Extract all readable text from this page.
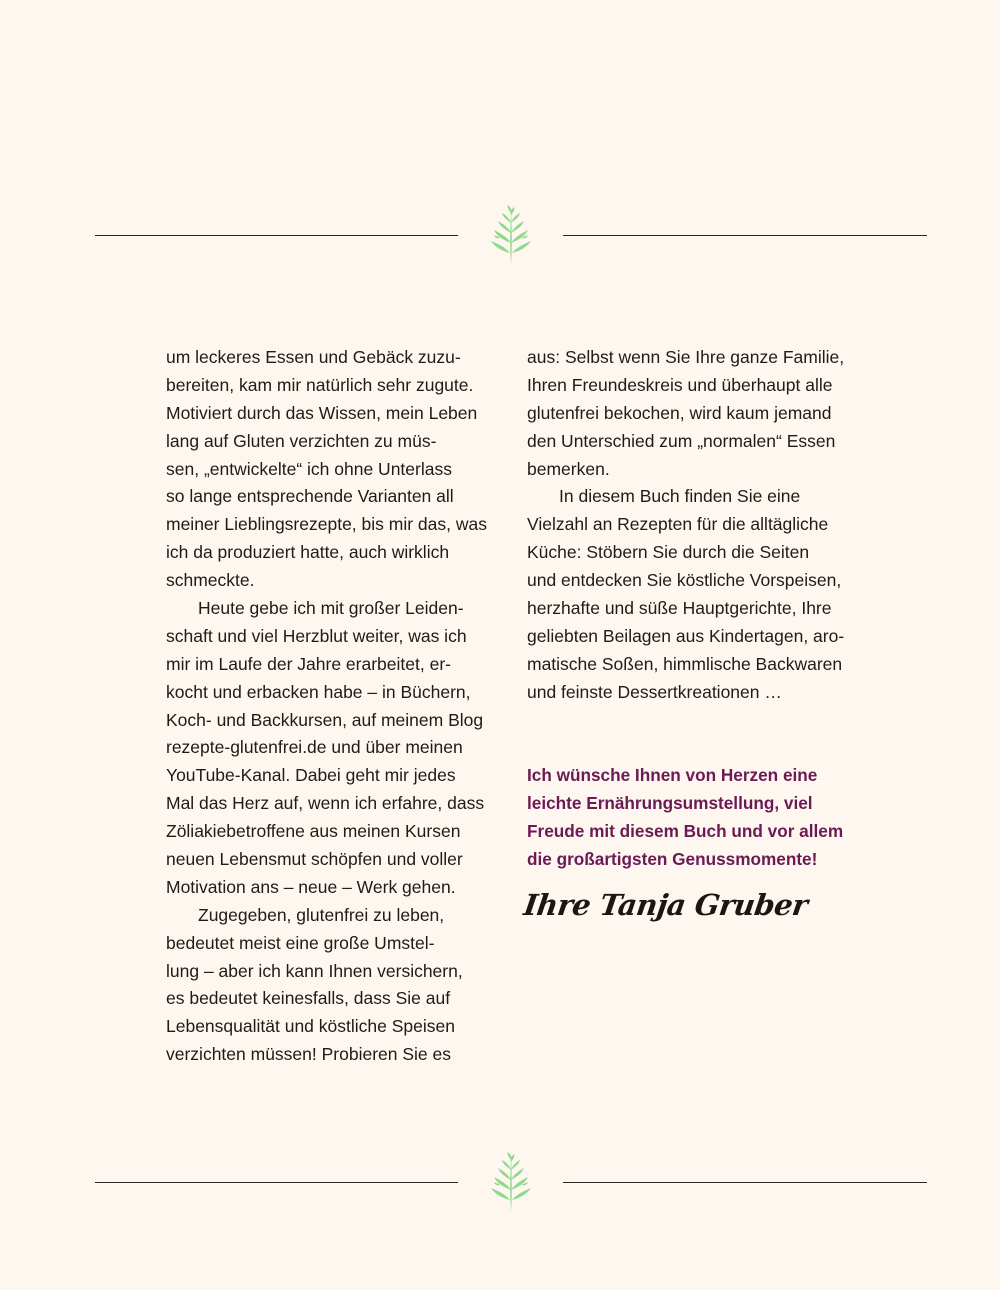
um leckeres Essen und Gebäck zuzu-
bereiten, kam mir natürlich sehr zugute.
Motiviert durch das Wissen, mein Leben
lang auf Gluten verzichten zu müs-
sen, „entwickelte“ ich ohne Unterlass
so lange entsprechende Varianten all
meiner Lieblingsrezepte, bis mir das, was
ich da produziert hatte, auch wirklich
schmeckte.
Heute gebe ich mit großer Leiden-
schaft und viel Herzblut weiter, was ich
mir im Laufe der Jahre erarbeitet, er-
kocht und erbacken habe – in Büchern,
Koch- und Backkursen, auf meinem Blog
rezepte-glutenfrei.de und über meinen
YouTube-Kanal. Dabei geht mir jedes
Mal das Herz auf, wenn ich erfahre, dass
Zöliakiebetroffene aus meinen Kursen
neuen Lebensmut schöpfen und voller
Motivation ans – neue – Werk gehen.
Zugegeben, glutenfrei zu leben,
bedeutet meist eine große Umstel-
lung – aber ich kann Ihnen versichern,
es bedeutet keinesfalls, dass Sie auf
Lebensqualität und köstliche Speisen
verzichten müssen! Probieren Sie es
aus: Selbst wenn Sie Ihre ganze Familie,
Ihren Freundeskreis und überhaupt alle
glutenfrei bekochen, wird kaum jemand
den Unterschied zum „normalen“ Essen
bemerken.
In diesem Buch finden Sie eine
Vielzahl an Rezepten für die alltägliche
Küche: Stöbern Sie durch die Seiten
und entdecken Sie köstliche Vorspeisen,
herzhafte und süße Hauptgerichte, Ihre
geliebten Beilagen aus Kindertagen, aro-
matische Soßen, himmlische Backwaren
und feinste Dessertkreationen …
Ich wünsche Ihnen von Herzen eine
leichte Ernährungsumstellung, viel
Freude mit diesem Buch und vor allem
die großartigsten Genussmomente!
Ihre Tanja Gruber
